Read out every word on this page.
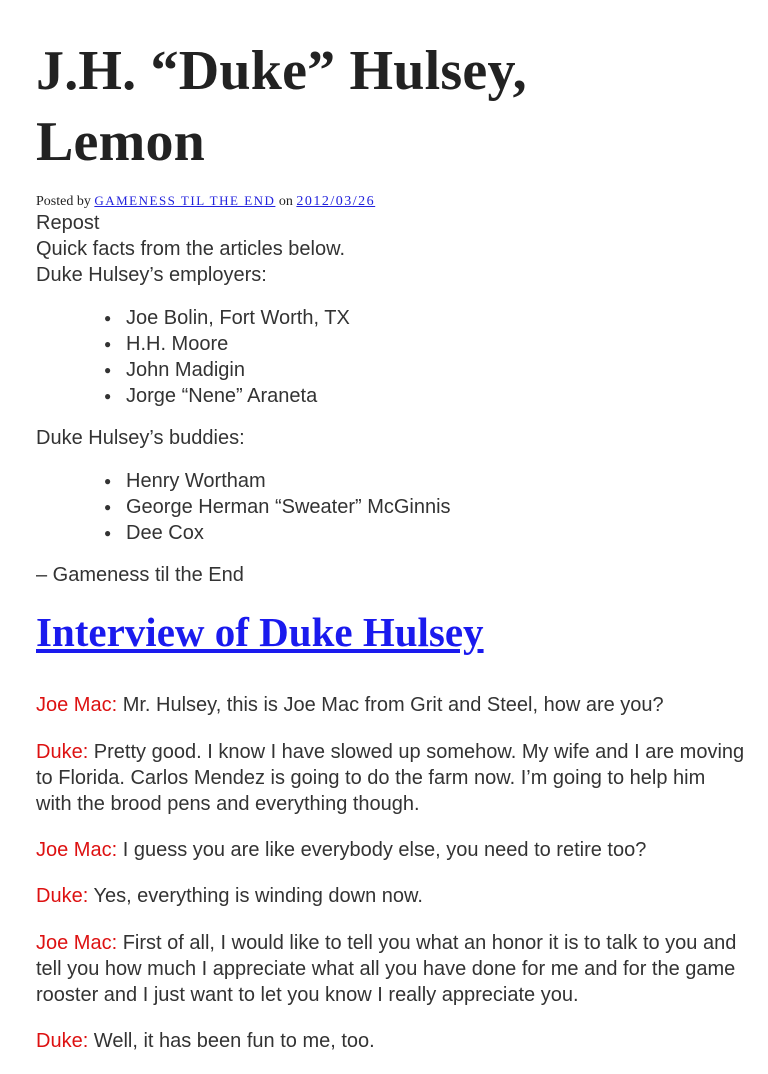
J.H. “Duke” Hulsey,
Lemon
Posted by GAMENESS TIL THE END on 2012/03/26

Repost

Quick facts from the articles below.

Duke Hulsey’s employers:

● Joe Bolin, Fort Worth, TX
● H.H. Moore
● John Madigin
● Jorge “Nene” Araneta

Duke Hulsey’s buddies:

● Henry Wortham
● George Herman “Sweater” McGinnis
● Dee Cox

– Gameness til the End

Interview of Duke Hulsey

Joe Mac: Mr. Hulsey, this is Joe Mac from Grit and Steel, how are you?

Duke: Pretty good. I know I have slowed up somehow. My wife and I are moving to Florida. Carlos Mendez is going to do the farm now. I’m going to help him with the brood pens and everything though.

Joe Mac: I guess you are like everybody else, you need to retire too?

Duke: Yes, everything is winding down now.

Joe Mac: First of all, I would like to tell you what an honor it is to talk to you and tell you how much I appreciate what all you have done for me and for the game rooster and I just want to let you know I really appreciate you.

Duke: Well, it has been fun to me, too.
